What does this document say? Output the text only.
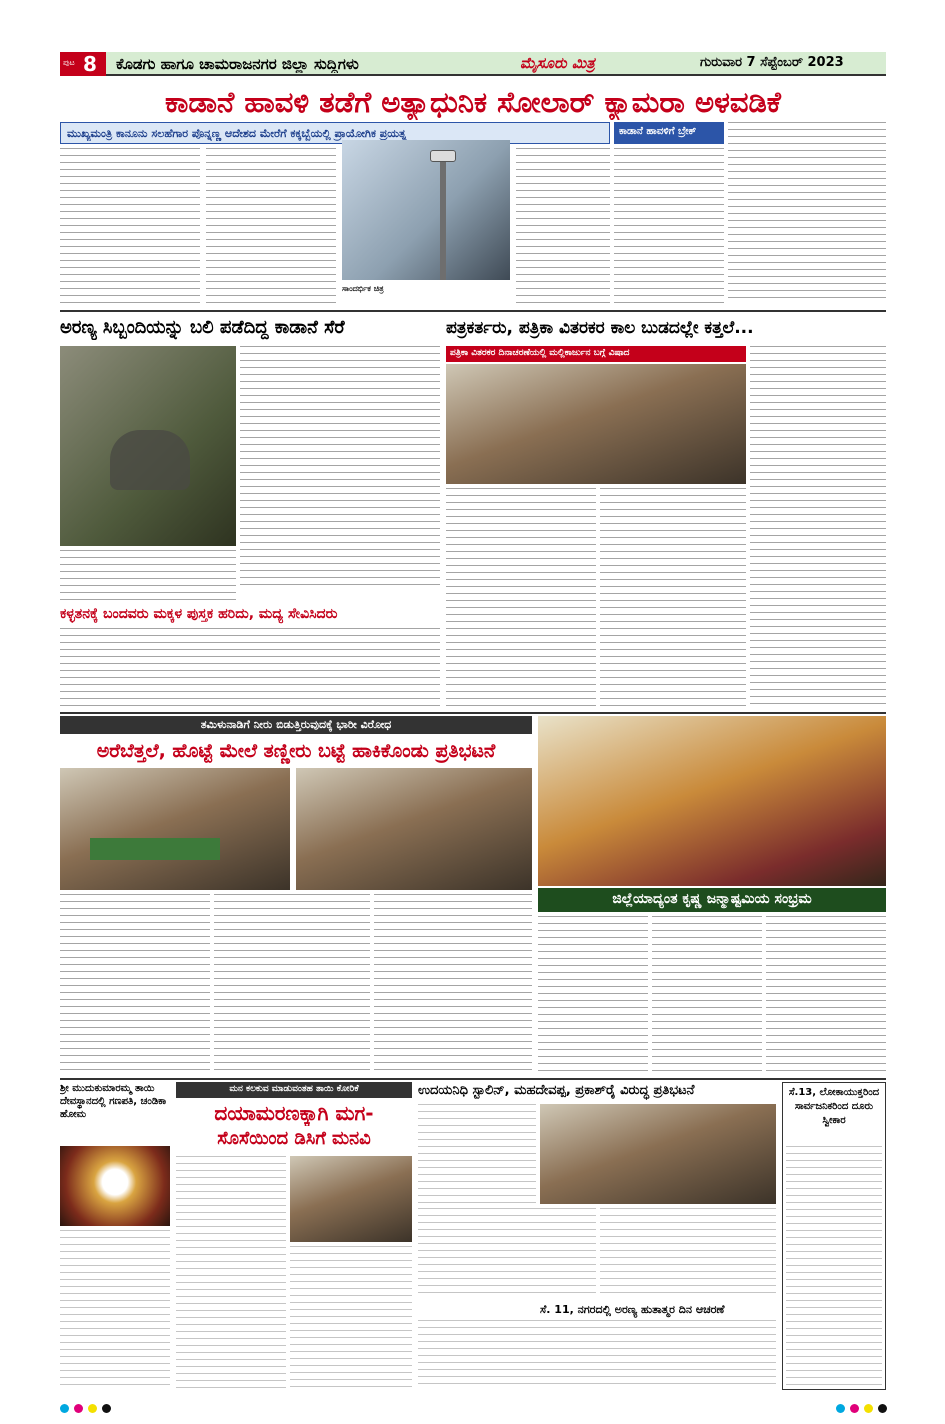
ಪುಟ 8 ಕೊಡಗು ಹಾಗೂ ಚಾಮರಾಜನಗರ ಜಿಲ್ಲಾ ಸುದ್ದಿಗಳು	ಮೈಸೂರು ಮಿತ್ರ	ಗುರುವಾರ 7 ಸೆಪ್ಟೆಂಬರ್ 2023
ಕಾಡಾನೆ ಹಾವಳಿ ತಡೆಗೆ ಅತ್ಯಾಧುನಿಕ ಸೋಲಾರ್ ಕ್ಯಾಮರಾ ಅಳವಡಿಕೆ
ಮುಖ್ಯಮಂತ್ರಿ ಕಾನೂನು ಸಲಹೆಗಾರ ಪೊನ್ನಣ್ಣ ಆದೇಶದ ಮೇರೆಗೆ ಕಕ್ಕಬ್ಬೆಯಲ್ಲಿ ಪ್ರಾಯೋಗಿಕ ಪ್ರಯತ್ನ	ಕಾಡಾನೆ ಹಾವಳಿಗೆ ಬ್ರೇಕ್
ಸಾಂದರ್ಭಿಕ ಚಿತ್ರ
ಅರಣ್ಯ ಸಿಬ್ಬಂದಿಯನ್ನು ಬಲಿ ಪಡೆದಿದ್ದ ಕಾಡಾನೆ ಸೆರೆ
ಕಳ್ಳತನಕ್ಕೆ ಬಂದವರು ಮಕ್ಕಳ ಪುಸ್ತಕ ಹರಿದು, ಮದ್ಯ ಸೇವಿಸಿದರು
ಪತ್ರಕರ್ತರು, ಪತ್ರಿಕಾ ವಿತರಕರ ಕಾಲ ಬುಡದಲ್ಲೇ ಕತ್ತಲೆ...
ಪತ್ರಿಕಾ ವಿತರಕರ ದಿನಾಚರಣೆಯಲ್ಲಿ ಮಲ್ಲಿಕಾರ್ಜುನ ಬಗ್ಗೆ ವಿಷಾದ
ತಮಿಳುನಾಡಿಗೆ ನೀರು ಬಿಡುತ್ತಿರುವುದಕ್ಕೆ ಭಾರೀ ವಿರೋಧ
ಅರೆಬೆತ್ತಲೆ, ಹೊಟ್ಟೆ ಮೇಲೆ ತಣ್ಣೀರು ಬಟ್ಟೆ ಹಾಕಿಕೊಂಡು ಪ್ರತಿಭಟನೆ
ಜಿಲ್ಲೆಯಾದ್ಯಂತ ಕೃಷ್ಣ ಜನ್ಮಾಷ್ಟಮಿಯ ಸಂಭ್ರಮ
ಶ್ರೀ ಮುದುಕುಮಾರಮ್ಮ ತಾಯಿ ದೇವಸ್ಥಾನದಲ್ಲಿ ಗಣಪತಿ, ಚಂಡಿಕಾ ಹೋಮ
ಮನ ಕಲಕುವ ಮಾಡುವಂತಹ ತಾಯಿ ಕೋರಿಕೆ
ದಯಾಮರಣಕ್ಕಾಗಿ ಮಗ-
ಸೊಸೆಯಿಂದ ಡಿಸಿಗೆ ಮನವಿ
ಉದಯನಿಧಿ ಸ್ಟಾಲಿನ್, ಮಹದೇವಪ್ಪ, ಪ್ರಕಾಶ್‌ರೈ ವಿರುದ್ಧ ಪ್ರತಿಭಟನೆ
ಸೆ. 11, ನಗರದಲ್ಲಿ ಅರಣ್ಯ ಹುತಾತ್ಮರ ದಿನ ಆಚರಣೆ
ಸೆ.13, ಲೋಕಾಯುಕ್ತರಿಂದ ಸಾರ್ವಜನಿಕರಿಂದ ದೂರು ಸ್ವೀಕಾರ
